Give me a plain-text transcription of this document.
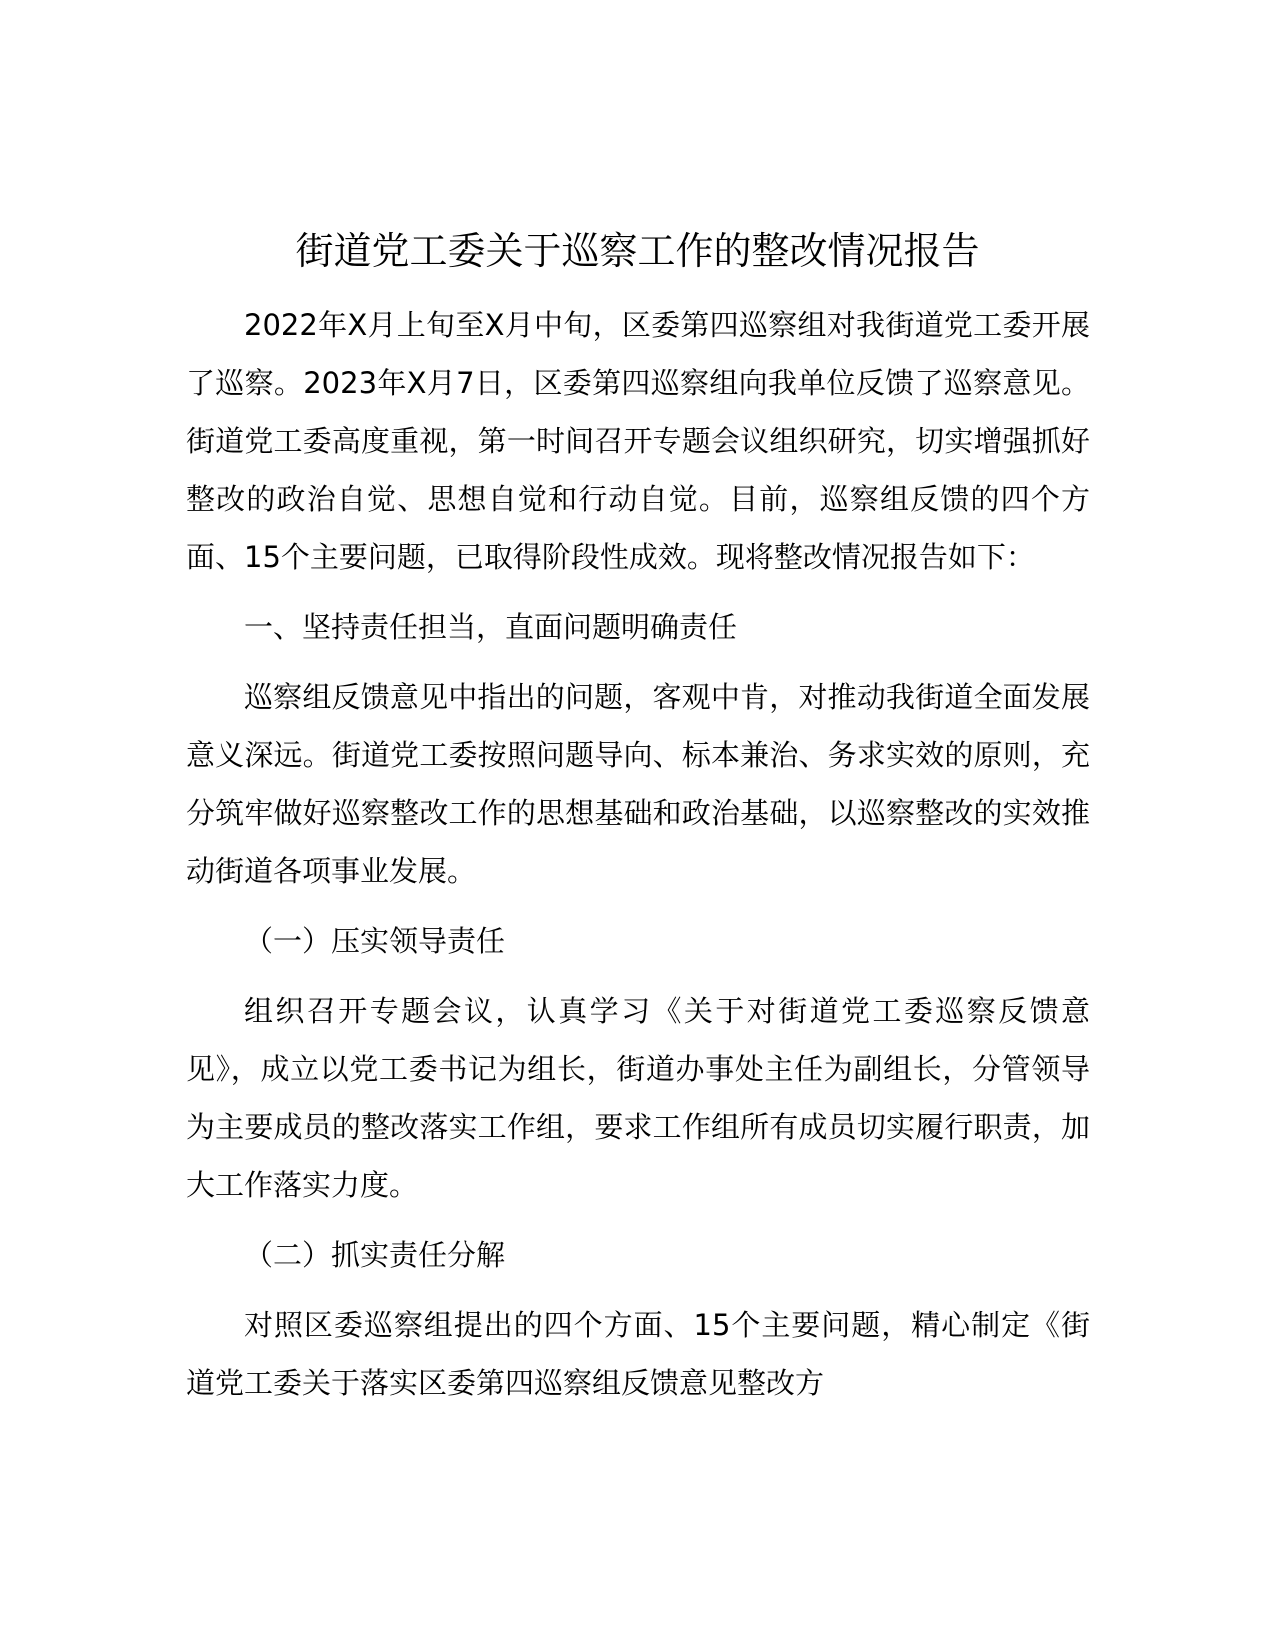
街道党工委关于巡察工作的整改情况报告

2022年X月上旬至X月中旬，区委第四巡察组对我街道党工委开展了巡察。2023年X月7日，区委第四巡察组向我单位反馈了巡察意见。街道党工委高度重视，第一时间召开专题会议组织研究，切实增强抓好整改的政治自觉、思想自觉和行动自觉。目前，巡察组反馈的四个方面、15个主要问题，已取得阶段性成效。现将整改情况报告如下：

一、坚持责任担当，直面问题明确责任

巡察组反馈意见中指出的问题，客观中肯，对推动我街道全面发展意义深远。街道党工委按照问题导向、标本兼治、务求实效的原则，充分筑牢做好巡察整改工作的思想基础和政治基础，以巡察整改的实效推动街道各项事业发展。

（一）压实领导责任

组织召开专题会议，认真学习《关于对街道党工委巡察反馈意见》，成立以党工委书记为组长，街道办事处主任为副组长，分管领导为主要成员的整改落实工作组，要求工作组所有成员切实履行职责，加大工作落实力度。

（二）抓实责任分解

对照区委巡察组提出的四个方面、15个主要问题，精心制定《街道党工委关于落实区委第四巡察组反馈意见整改方
